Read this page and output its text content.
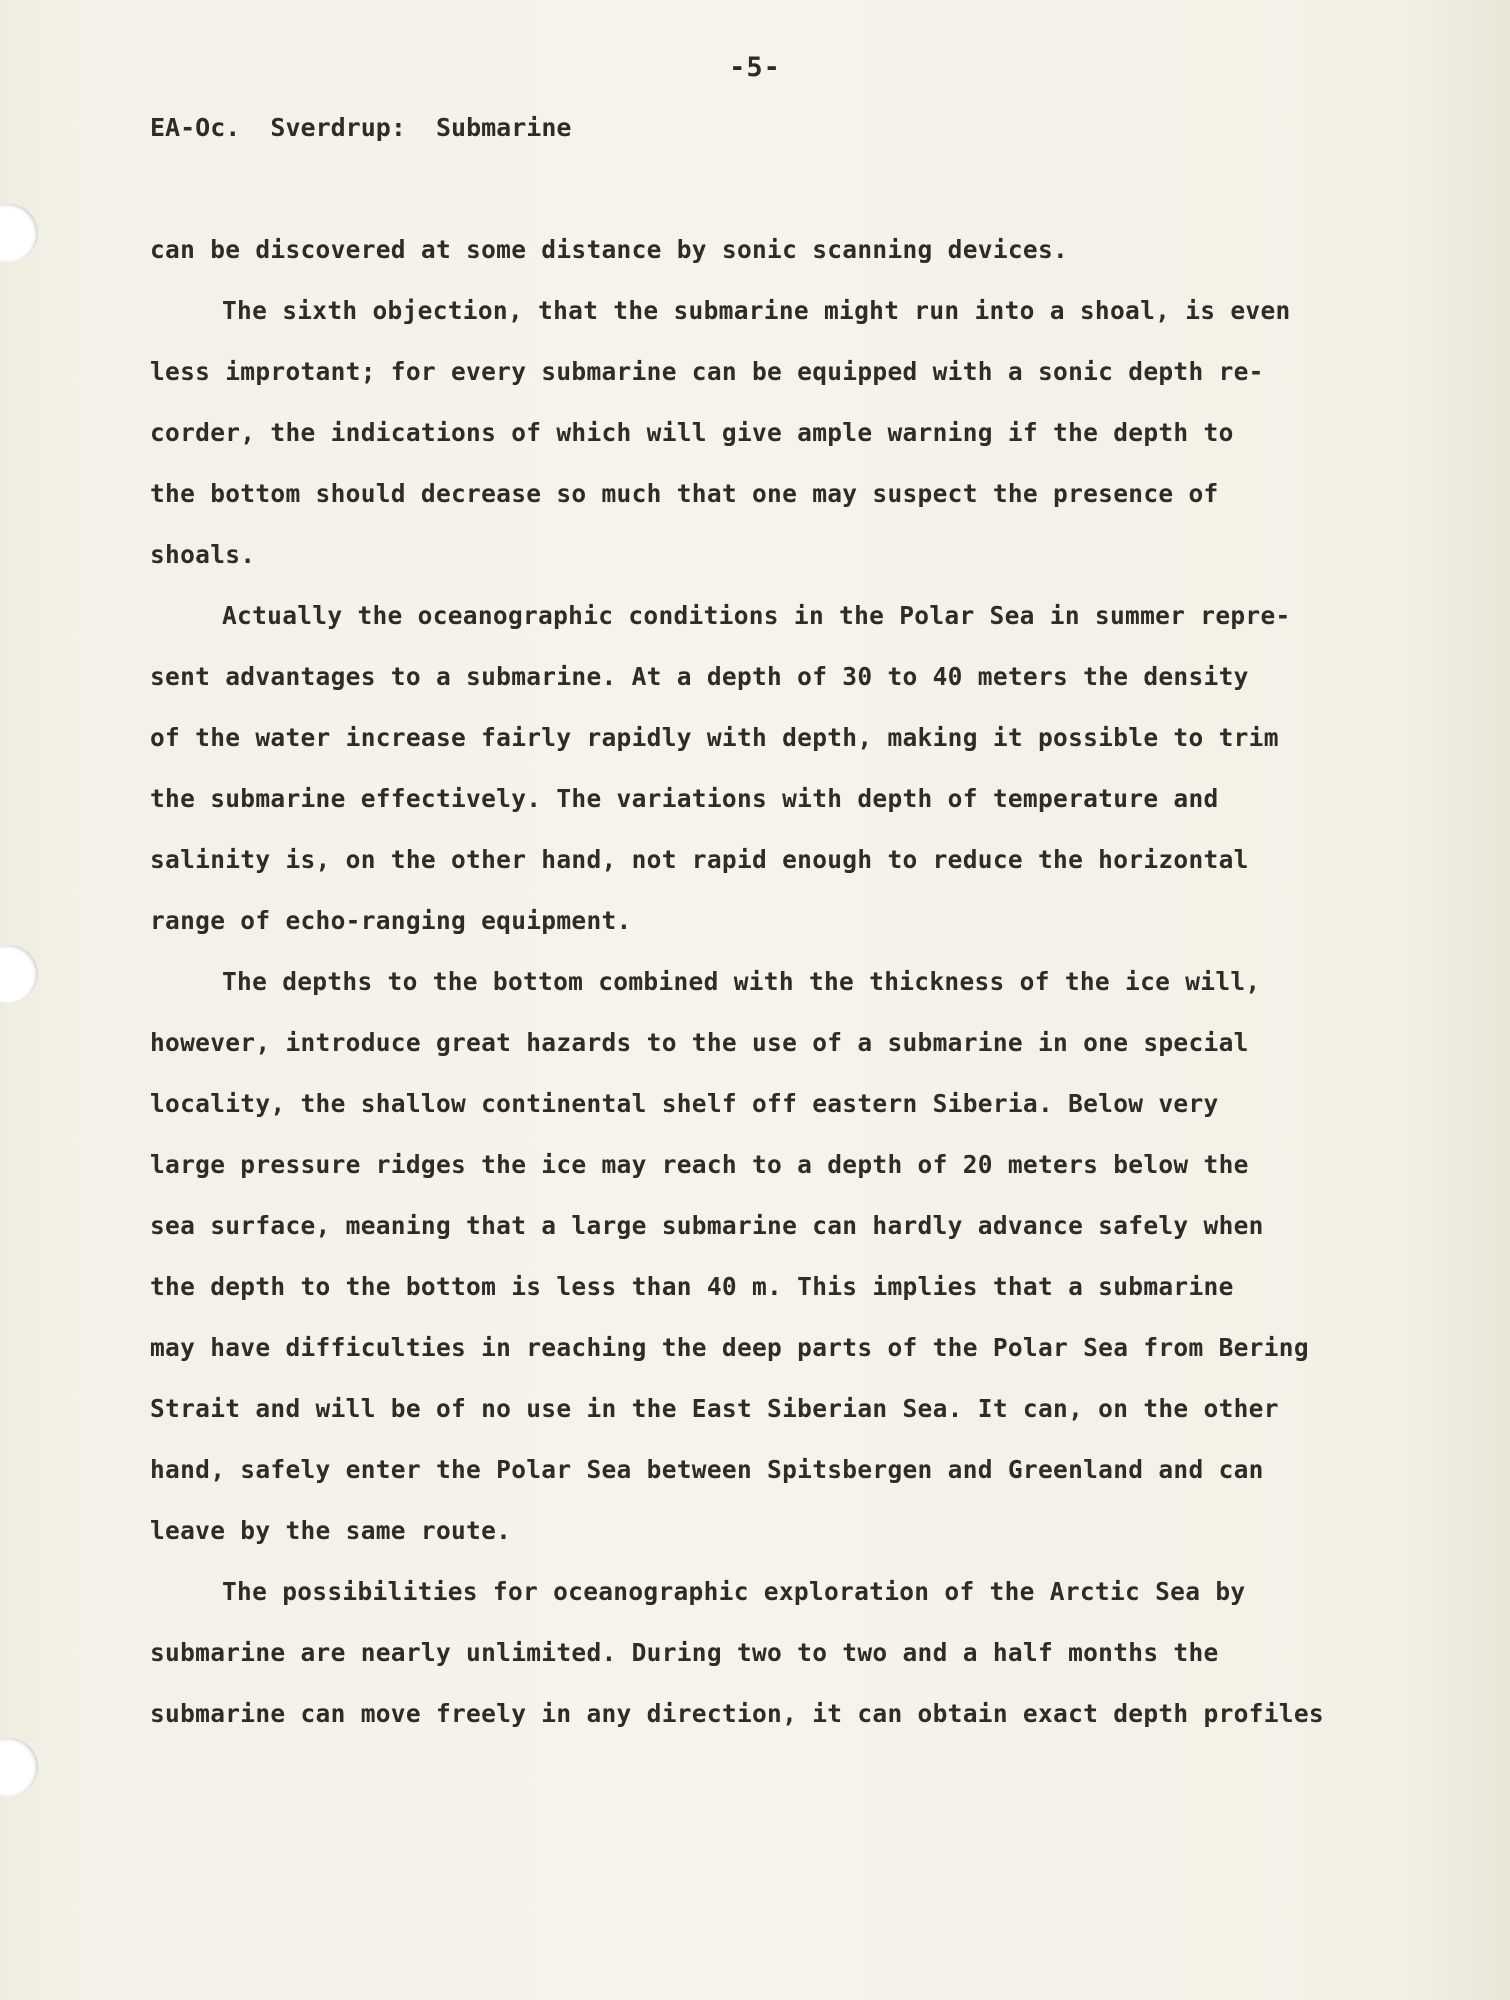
-5-
EA-Oc.  Sverdrup:  Submarine
can be discovered at some distance by sonic scanning devices.
The sixth objection, that the submarine might run into a shoal, is even
less improtant; for every submarine can be equipped with a sonic depth re-
corder, the indications of which will give ample warning if the depth to
the bottom should decrease so much that one may suspect the presence of
shoals.
Actually the oceanographic conditions in the Polar Sea in summer repre-
sent advantages to a submarine. At a depth of 30 to 40 meters the density
of the water increase fairly rapidly with depth, making it possible to trim
the submarine effectively. The variations with depth of temperature and
salinity is, on the other hand, not rapid enough to reduce the horizontal
range of echo-ranging equipment.
The depths to the bottom combined with the thickness of the ice will,
however, introduce great hazards to the use of a submarine in one special
locality, the shallow continental shelf off eastern Siberia. Below very
large pressure ridges the ice may reach to a depth of 20 meters below the
sea surface, meaning that a large submarine can hardly advance safely when
the depth to the bottom is less than 40 m. This implies that a submarine
may have difficulties in reaching the deep parts of the Polar Sea from Bering
Strait and will be of no use in the East Siberian Sea. It can, on the other
hand, safely enter the Polar Sea between Spitsbergen and Greenland and can
leave by the same route.
The possibilities for oceanographic exploration of the Arctic Sea by
submarine are nearly unlimited. During two to two and a half months the
submarine can move freely in any direction, it can obtain exact depth profiles
